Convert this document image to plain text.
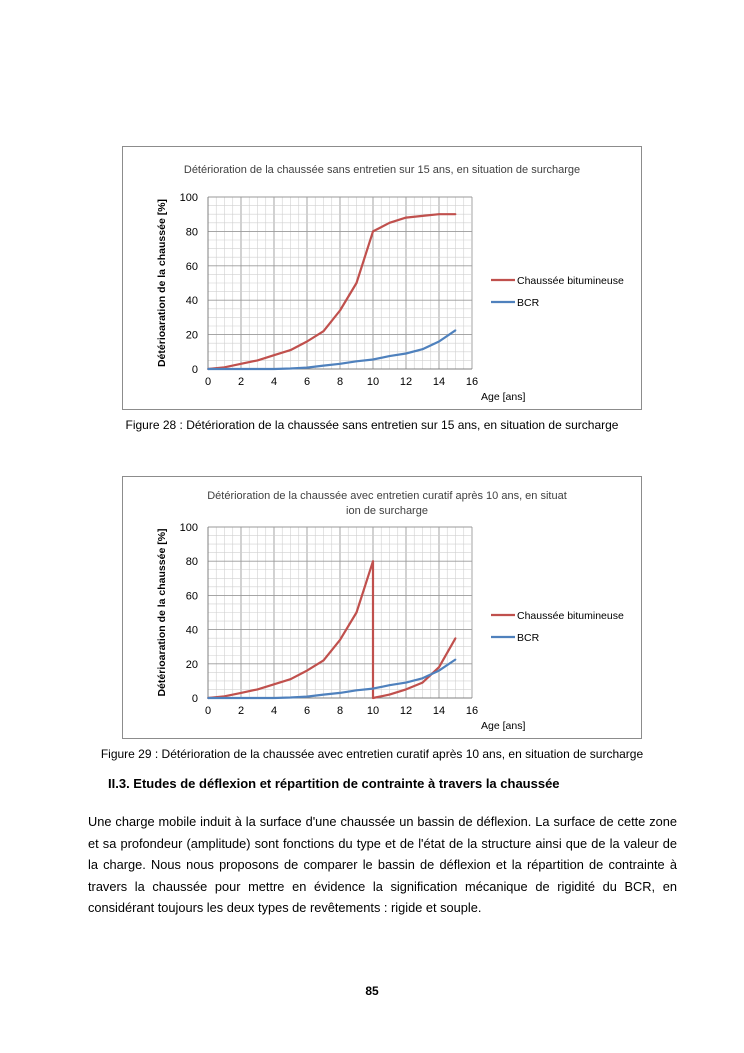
Détérioration de la chaussée sans entretien sur 15 ans, en situation de surcharge
0 2 4 6 8 10 12 14 16
0
20
40
60
80
100
Age [ans]
Détérioaration de la chaussée [%]	Chaussée bitumineuse
BCR
Figure 28 : Détérioration de la chaussée sans entretien sur 15 ans, en situation de surcharge
Détérioration de la chaussée avec entretien curatif après 10 ans, en situat
ion de surcharge
0 2 4 6 8 10 12 14 16
0
20
40
60
80
100
Age [ans]
Détérioaration de la chaussée [%]	Chaussée bitumineuse
BCR
Figure 29 : Détérioration de la chaussée avec entretien curatif après 10 ans, en situation de surcharge
II.3. Etudes de déflexion et répartition de contrainte à travers la chaussée
Une charge mobile induit à la surface d'une chaussée un bassin de déflexion. La surface de cette zone et sa profondeur (amplitude) sont fonctions du type et de l'état de la structure ainsi que de la valeur de la charge. Nous nous proposons de comparer le bassin de déflexion et la répartition de contrainte à travers la chaussée pour mettre en évidence la signification mécanique de rigidité du BCR, en considérant toujours les deux types de revêtements : rigide et souple.
85
